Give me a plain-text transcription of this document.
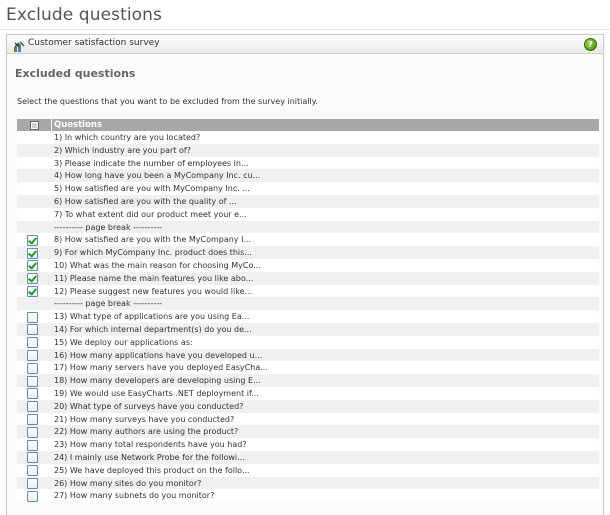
Exclude questions
Customer satisfaction survey	?
Excluded questions
Select the questions that you want to be excluded from the survey initially.
Questions
1) In which country are you located?
2) Which industry are you part of?
3) Please indicate the number of employees in...
4) How long have you been a MyCompany Inc. cu...
5) How satisfied are you with MyCompany Inc. ...
6) How satisfied are you with the quality of ...
7) To what extent did our product meet your e...
---------- page break ----------
8) How satisfied are you with the MyCompany I...
9) For which MyCompany Inc. product does this...
10) What was the main reason for choosing MyCo...
11) Please name the main features you like abo...
12) Please suggest new features you would like...
---------- page break ----------
13) What type of applications are you using Ea...
14) For which internal department(s) do you de...
15) We deploy our applications as:
16) How many applications have you developed u...
17) How many servers have you deployed EasyCha...
18) How many developers are developing using E...
19) We would use EasyCharts .NET deployment if...
20) What type of surveys have you conducted?
21) How many surveys have you conducted?
22) How many authors are using the product?
23) How many total respondents have you had?
24) I mainly use Network Probe for the followi...
25) We have deployed this product on the follo...
26) How many sites do you monitor?
27) How many subnets do you monitor?
